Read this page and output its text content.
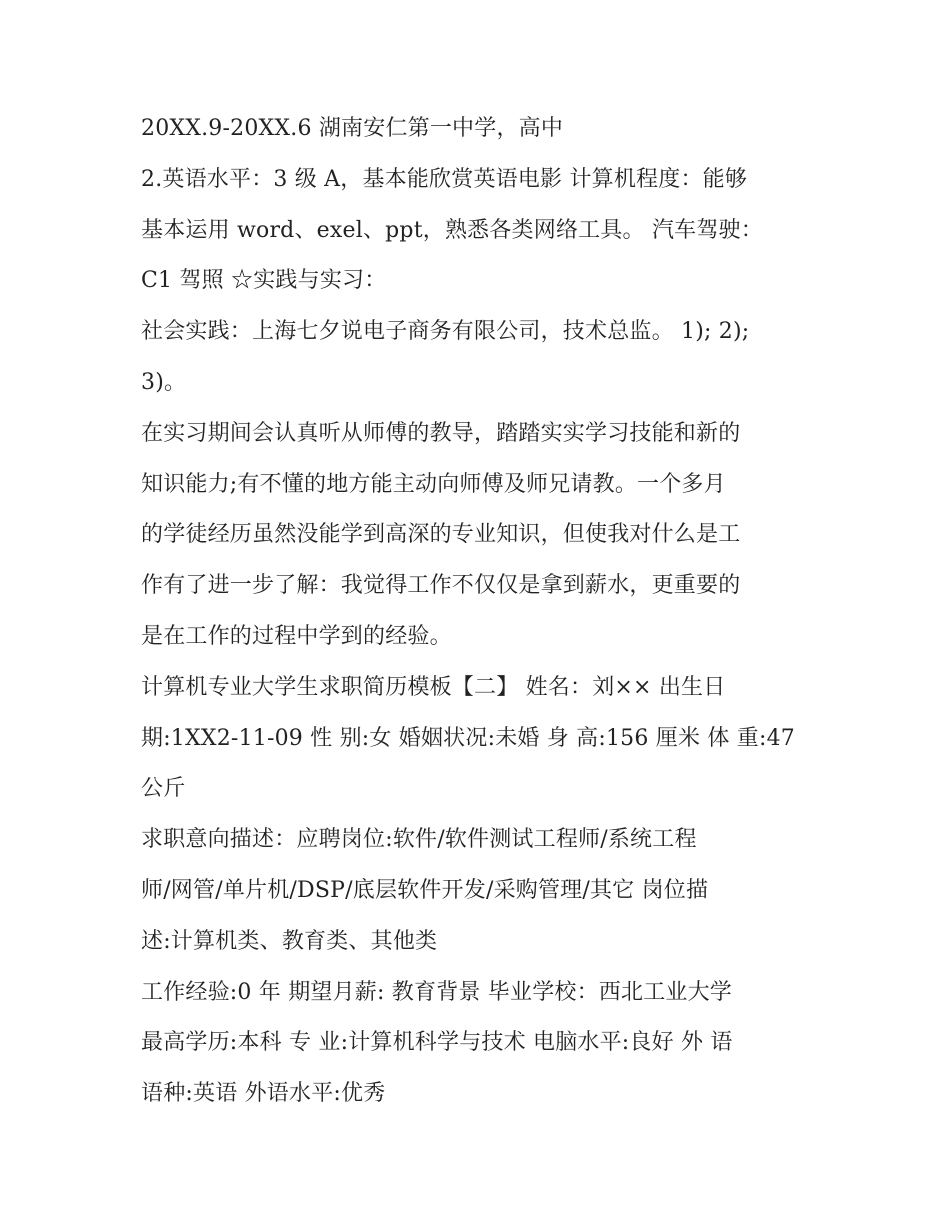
20XX.9-20XX.6 湖南安仁第一中学，高中
2.英语水平：3 级 A，基本能欣赏英语电影 计算机程度：能够
基本运用 word、exel、ppt，熟悉各类网络工具。 汽车驾驶：
C1 驾照 ☆实践与实习：
社会实践：上海七夕说电子商务有限公司，技术总监。 1); 2);
3)。
在实习期间会认真听从师傅的教导，踏踏实实学习技能和新的
知识能力;有不懂的地方能主动向师傅及师兄请教。一个多月
的学徒经历虽然没能学到高深的专业知识，但使我对什么是工
作有了进一步了解：我觉得工作不仅仅是拿到薪水，更重要的
是在工作的过程中学到的经验。
计算机专业大学生求职简历模板【二】 姓名：刘×× 出生日
期:1XX2-11-09 性 别:女 婚姻状况:未婚 身 高:156 厘米 体 重:47
公斤
求职意向描述：应聘岗位:软件/软件测试工程师/系统工程
师/网管/单片机/DSP/底层软件开发/采购管理/其它 岗位描
述:计算机类、教育类、其他类
工作经验:0 年 期望月薪: 教育背景 毕业学校：西北工业大学
最高学历:本科 专 业:计算机科学与技术 电脑水平:良好 外 语
语种:英语 外语水平:优秀
